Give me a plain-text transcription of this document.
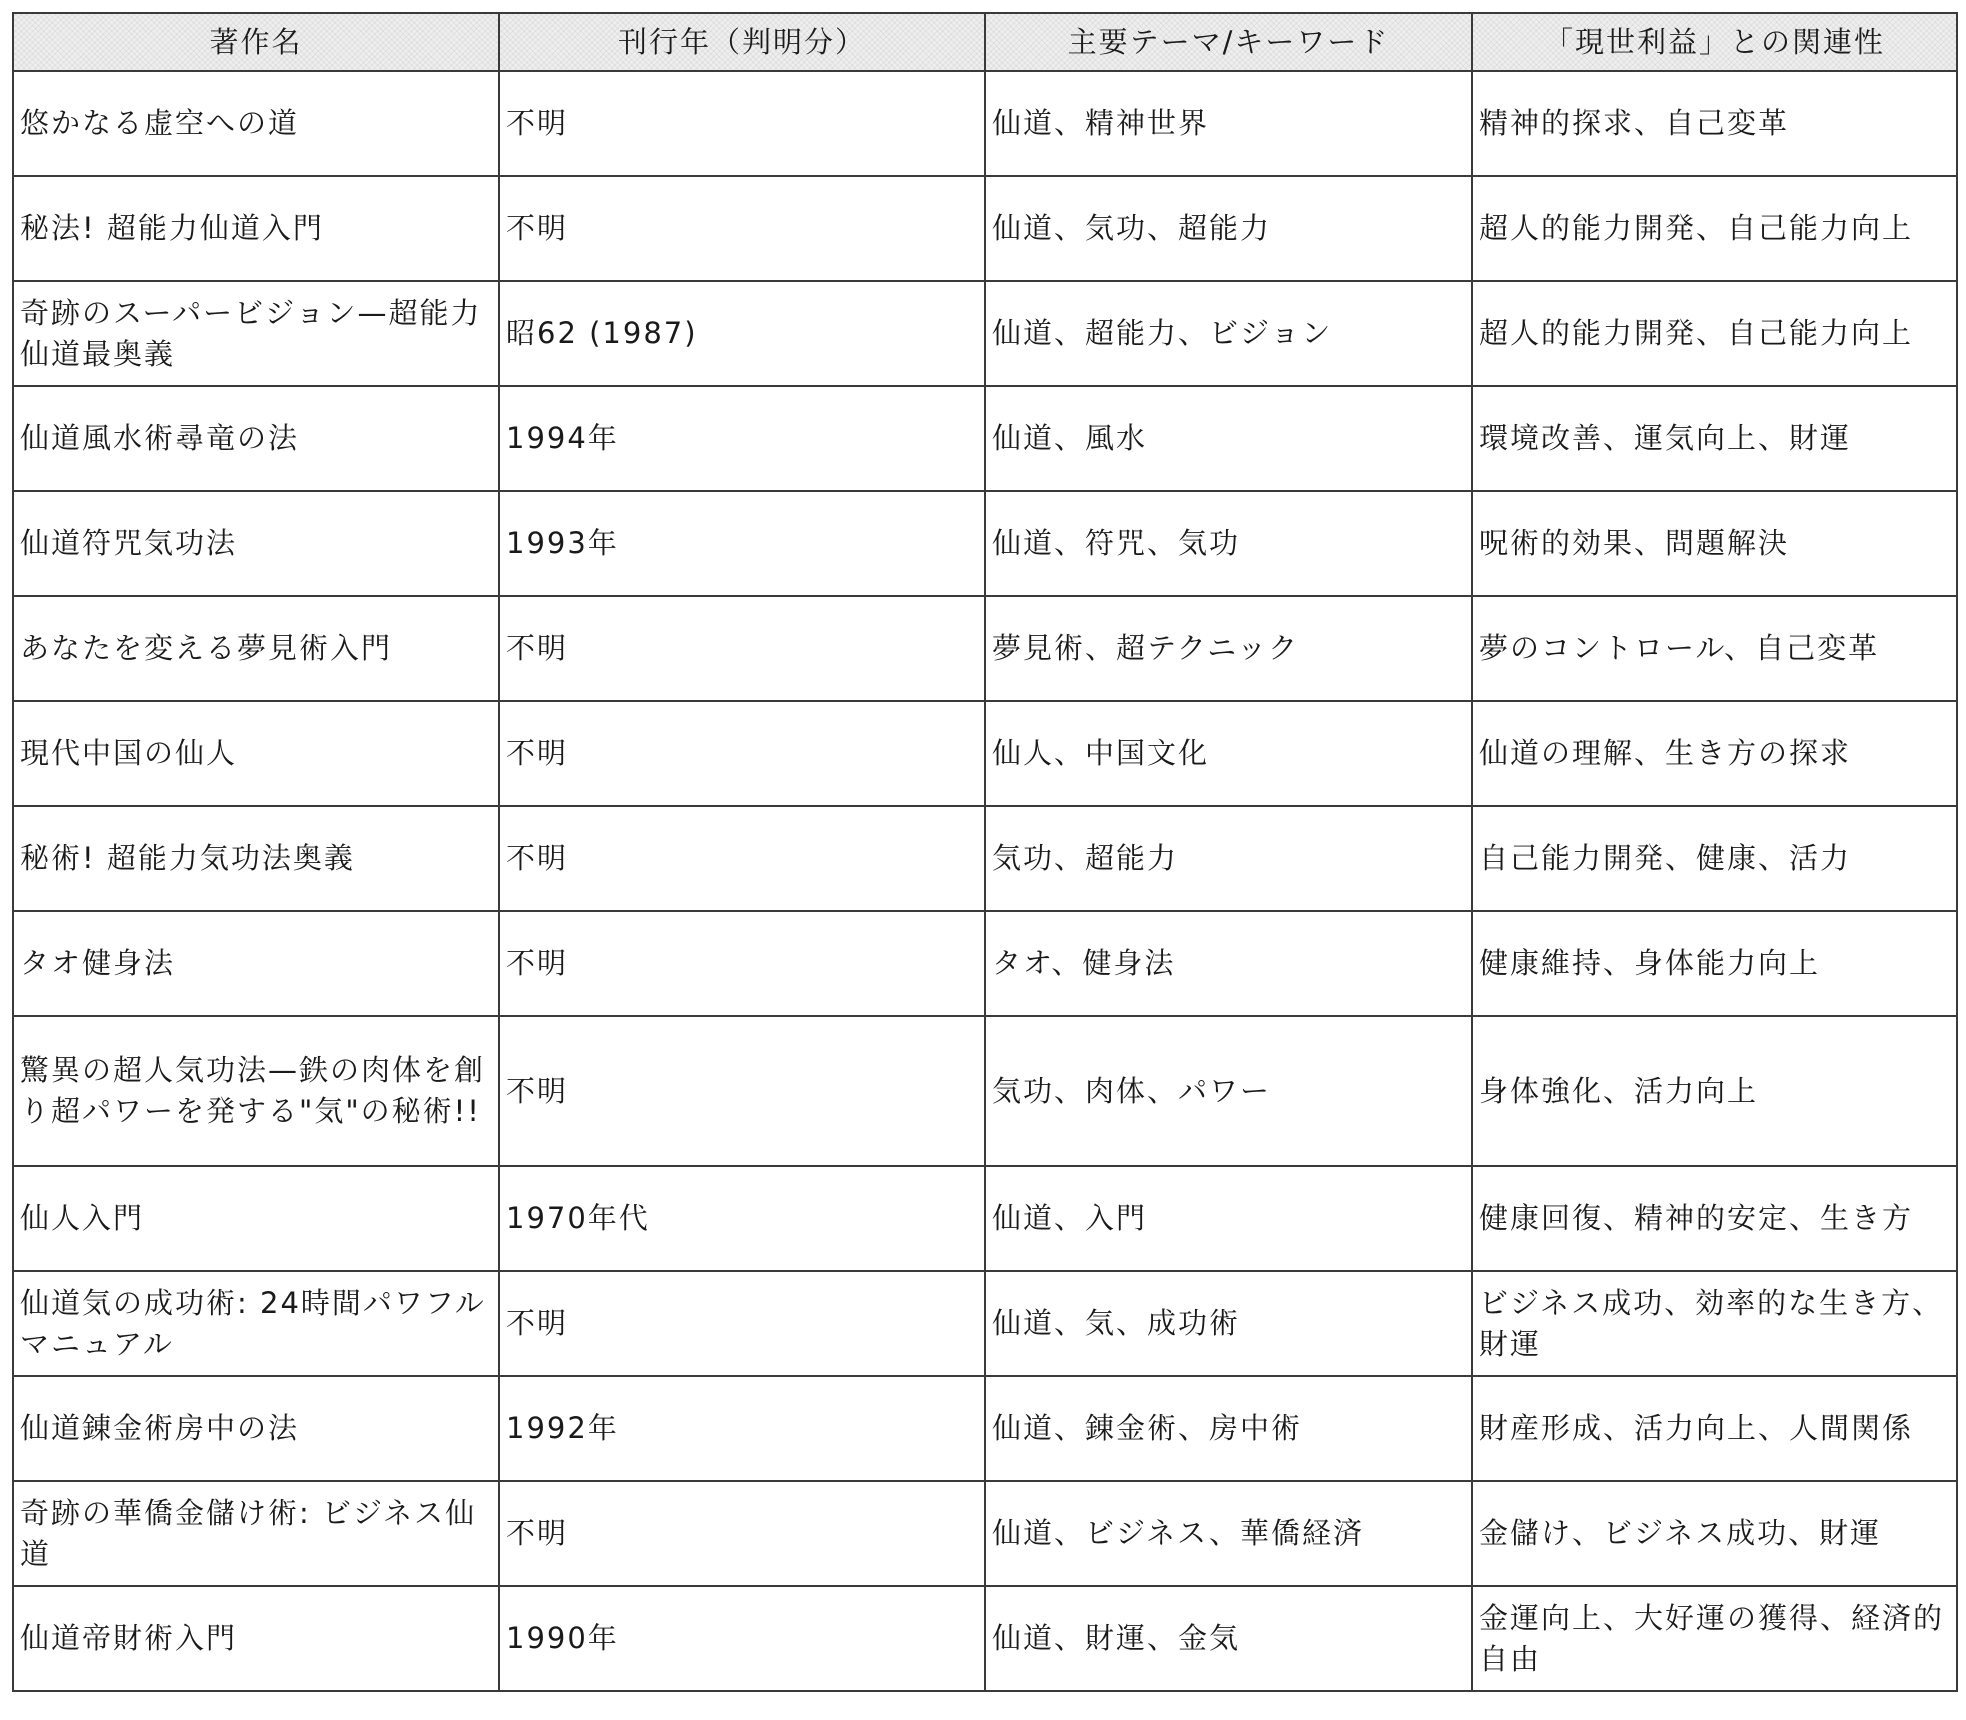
著作名	刊行年（判明分）	主要テーマ/キーワード	「現世利益」との関連性
悠かなる虚空への道	不明	仙道、精神世界	精神的探求、自己変革
秘法! 超能力仙道入門	不明	仙道、気功、超能力	超人的能力開発、自己能力向上
奇跡のスーパービジョン—超能力仙道最奥義	昭62 (1987)	仙道、超能力、ビジョン	超人的能力開発、自己能力向上
仙道風水術尋竜の法	1994年	仙道、風水	環境改善、運気向上、財運
仙道符咒気功法	1993年	仙道、符咒、気功	呪術的効果、問題解決
あなたを変える夢見術入門	不明	夢見術、超テクニック	夢のコントロール、自己変革
現代中国の仙人	不明	仙人、中国文化	仙道の理解、生き方の探求
秘術! 超能力気功法奥義	不明	気功、超能力	自己能力開発、健康、活力
タオ健身法	不明	タオ、健身法	健康維持、身体能力向上
驚異の超人気功法—鉄の肉体を創り超パワーを発する"気"の秘術!!	不明	気功、肉体、パワー	身体強化、活力向上
仙人入門	1970年代	仙道、入門	健康回復、精神的安定、生き方
仙道気の成功術: 24時間パワフルマニュアル	不明	仙道、気、成功術	ビジネス成功、効率的な生き方、財運
仙道錬金術房中の法	1992年	仙道、錬金術、房中術	財産形成、活力向上、人間関係
奇跡の華僑金儲け術: ビジネス仙道	不明	仙道、ビジネス、華僑経済	金儲け、ビジネス成功、財運
仙道帝財術入門	1990年	仙道、財運、金気	金運向上、大好運の獲得、経済的自由
